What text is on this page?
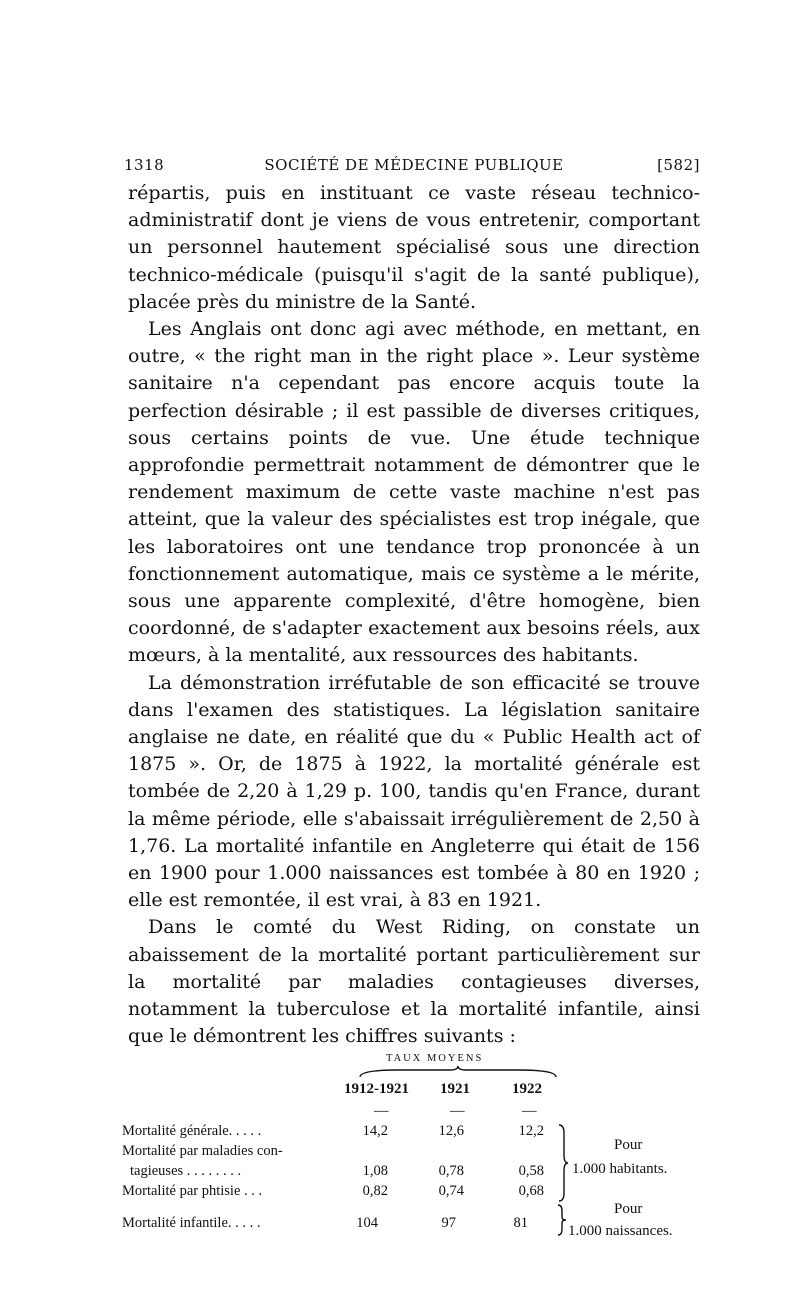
1318	SOCIÉTÉ DE MÉDECINE PUBLIQUE	[582]

répartis, puis en instituant ce vaste réseau technico-administratif dont je viens de vous entretenir, comportant un personnel hautement spécialisé sous une direction technico-médicale (puisqu'il s'agit de la santé publique), placée près du ministre de la Santé.

Les Anglais ont donc agi avec méthode, en mettant, en outre, « the right man in the right place ». Leur système sanitaire n'a cependant pas encore acquis toute la perfection désirable ; il est passible de diverses critiques, sous certains points de vue. Une étude technique approfondie permettrait notamment de démontrer que le rendement maximum de cette vaste machine n'est pas atteint, que la valeur des spécialistes est trop inégale, que les laboratoires ont une tendance trop prononcée à un fonctionnement automatique, mais ce système a le mérite, sous une apparente complexité, d'être homogène, bien coordonné, de s'adapter exactement aux besoins réels, aux mœurs, à la mentalité, aux ressources des habitants.

La démonstration irréfutable de son efficacité se trouve dans l'examen des statistiques. La législation sanitaire anglaise ne date, en réalité que du « Public Health act of 1875 ». Or, de 1875 à 1922, la mortalité générale est tombée de 2,20 à 1,29 p. 100, tandis qu'en France, durant la même période, elle s'abaissait irrégulièrement de 2,50 à 1,76. La mortalité infantile en Angleterre qui était de 156 en 1900 pour 1.000 naissances est tombée à 80 en 1920 ; elle est remontée, il est vrai, à 83 en 1921.

Dans le comté du West Riding, on constate un abaissement de la mortalité portant particulièrement sur la mortalité par maladies contagieuses diverses, notamment la tuberculose et la mortalité infantile, ainsi que le démontrent les chiffres suivants :

TAUX MOYENS
1912-1921 1921	1922
—	—	—
Mortalité générale. . . . .	14,2	12,6	12,2
Mortalité par maladies con-
tagieuses . . . . . . . .	1,08	0,78	0,58
Mortalité par phtisie . . .	0,82	0,74	0,68
Mortalité infantile. . . . .	104	97	81
Pour
1.000 habitants.
Pour
1.000 naissances.
